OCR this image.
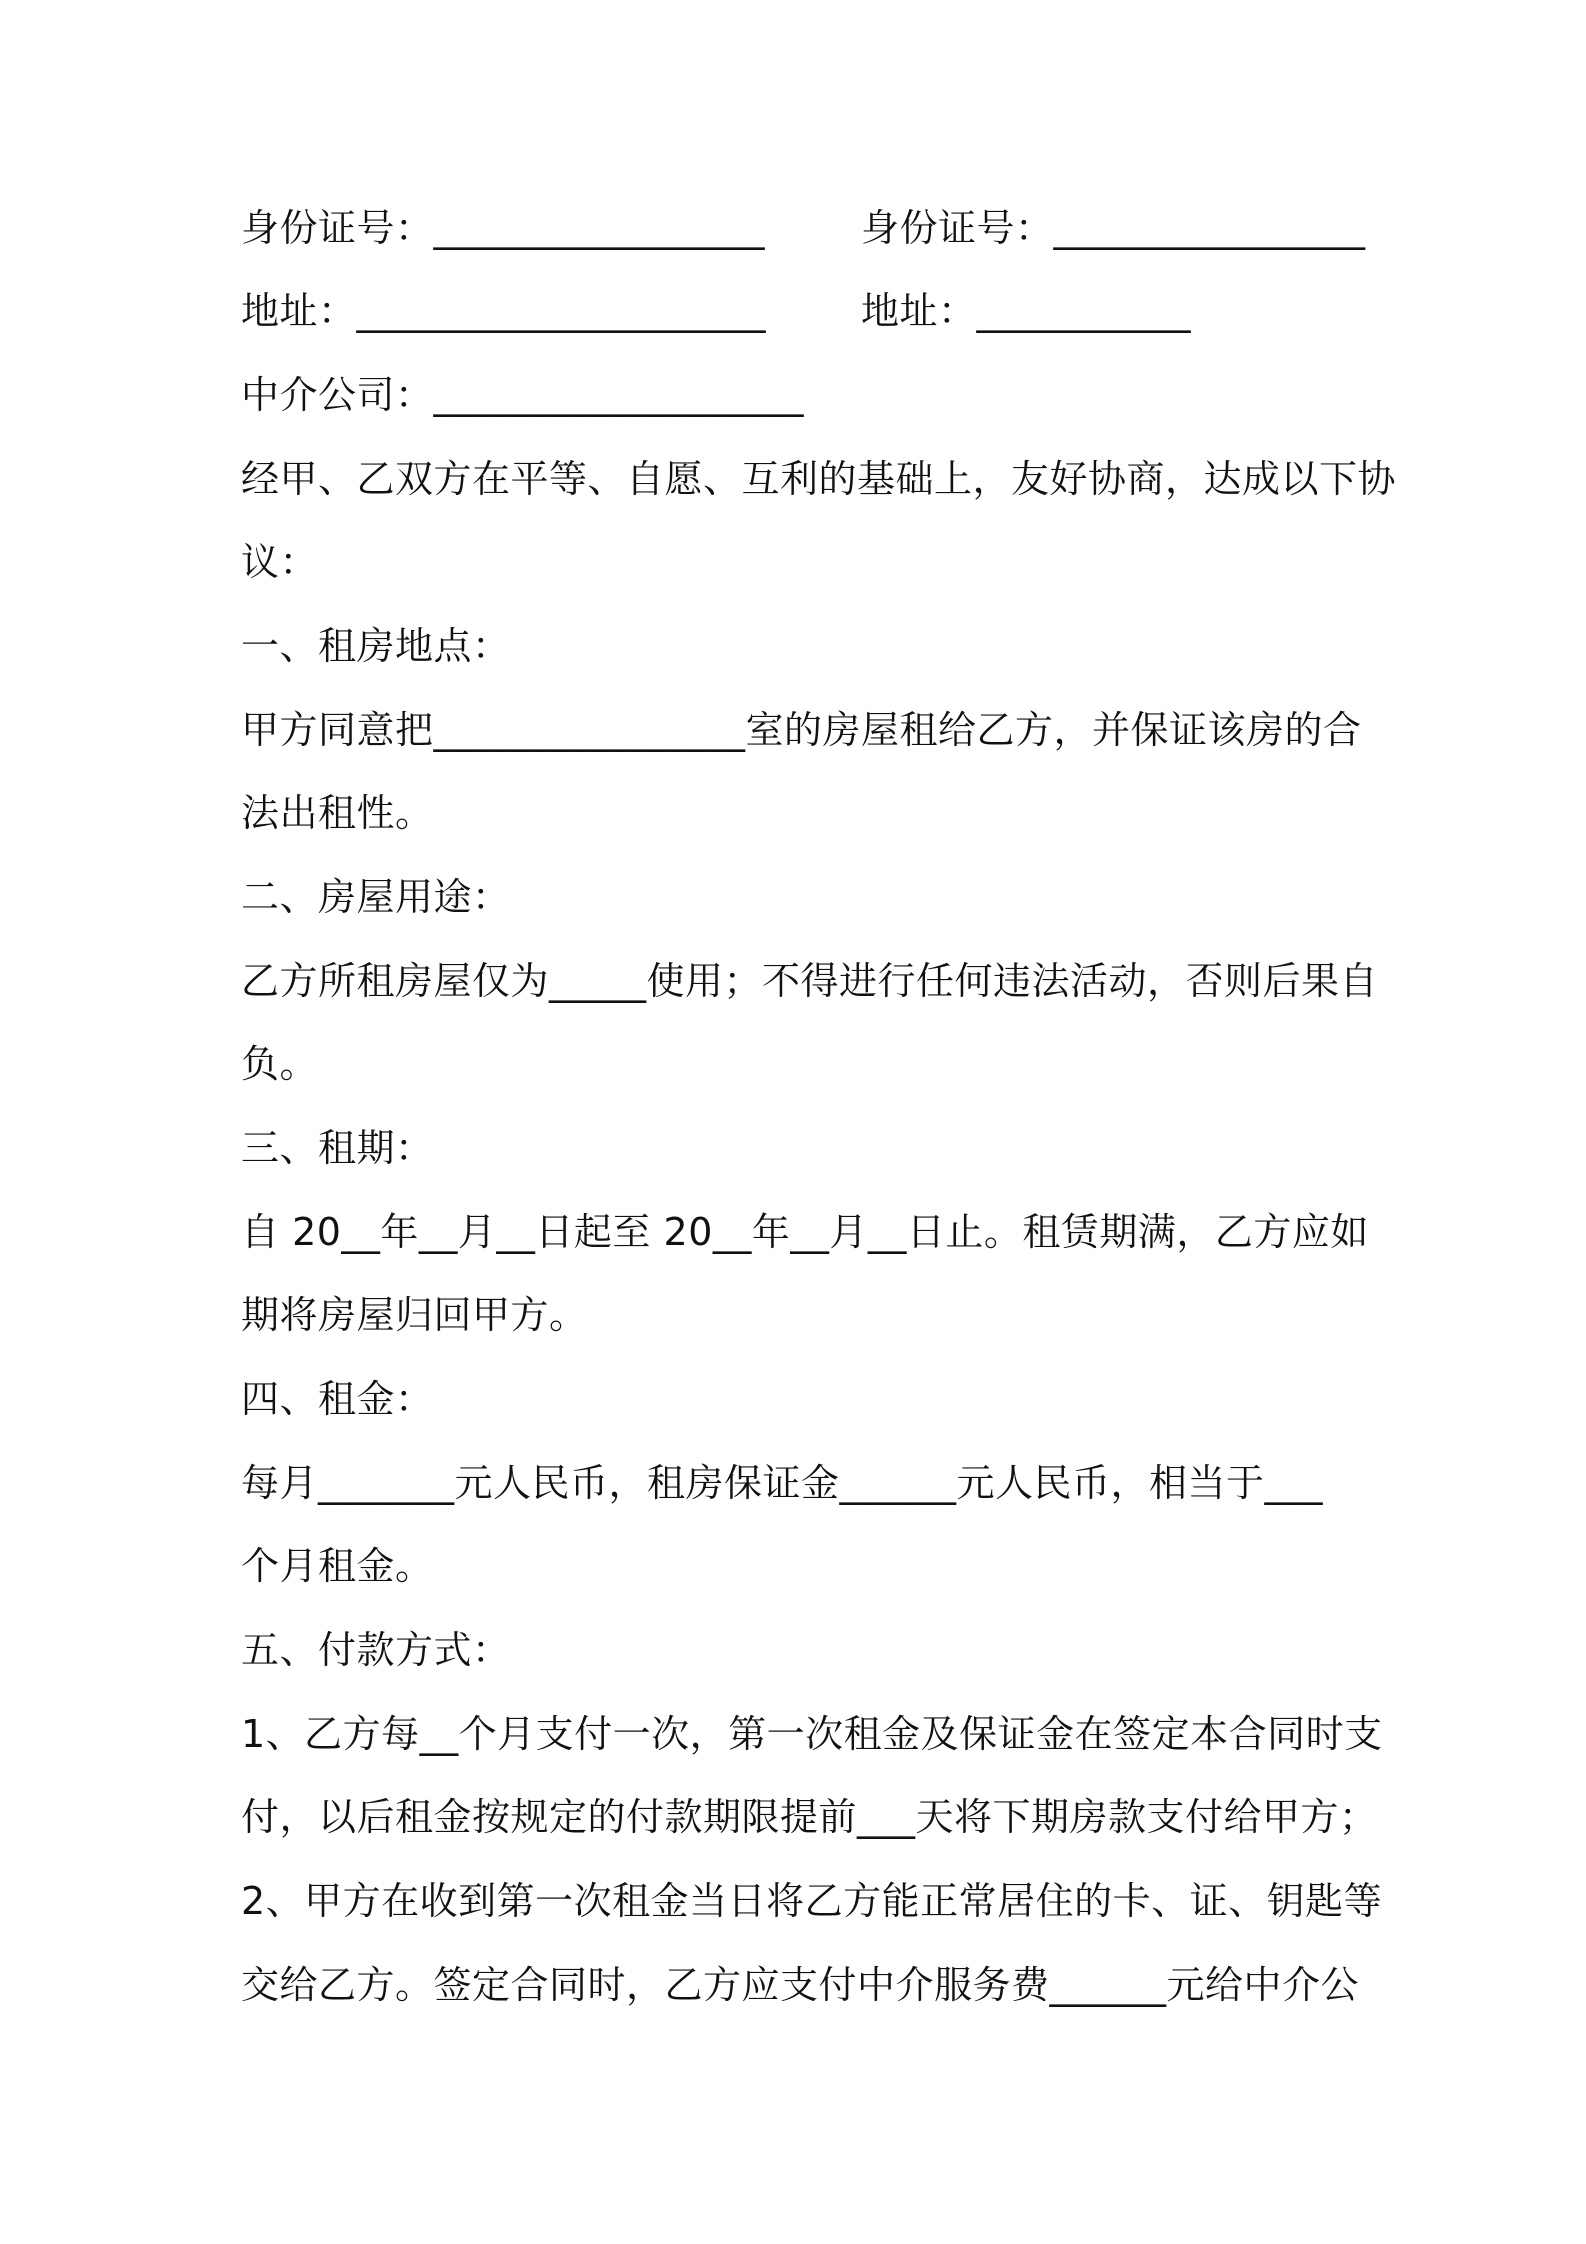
身份证号：_________________	身份证号：________________
地址：_____________________ 地址：___________
中介公司：___________________
经甲、乙双方在平等、自愿、互利的基础上，友好协商，达成以下协
议：
一、租房地点：
甲方同意把________________室的房屋租给乙方，并保证该房的合
法出租性。
二、房屋用途：
乙方所租房屋仅为_____使用；不得进行任何违法活动，否则后果自
负。
三、租期：
自 20__年__月__日起至 20__年__月__日止。租赁期满，乙方应如
期将房屋归回甲方。
四、租金：
每月_______元人民币，租房保证金______元人民币，相当于___
个月租金。
五、付款方式：
1、乙方每__个月支付一次，第一次租金及保证金在签定本合同时支
付，以后租金按规定的付款期限提前___天将下期房款支付给甲方；
2、甲方在收到第一次租金当日将乙方能正常居住的卡、证、钥匙等
交给乙方。签定合同时，乙方应支付中介服务费______元给中介公
